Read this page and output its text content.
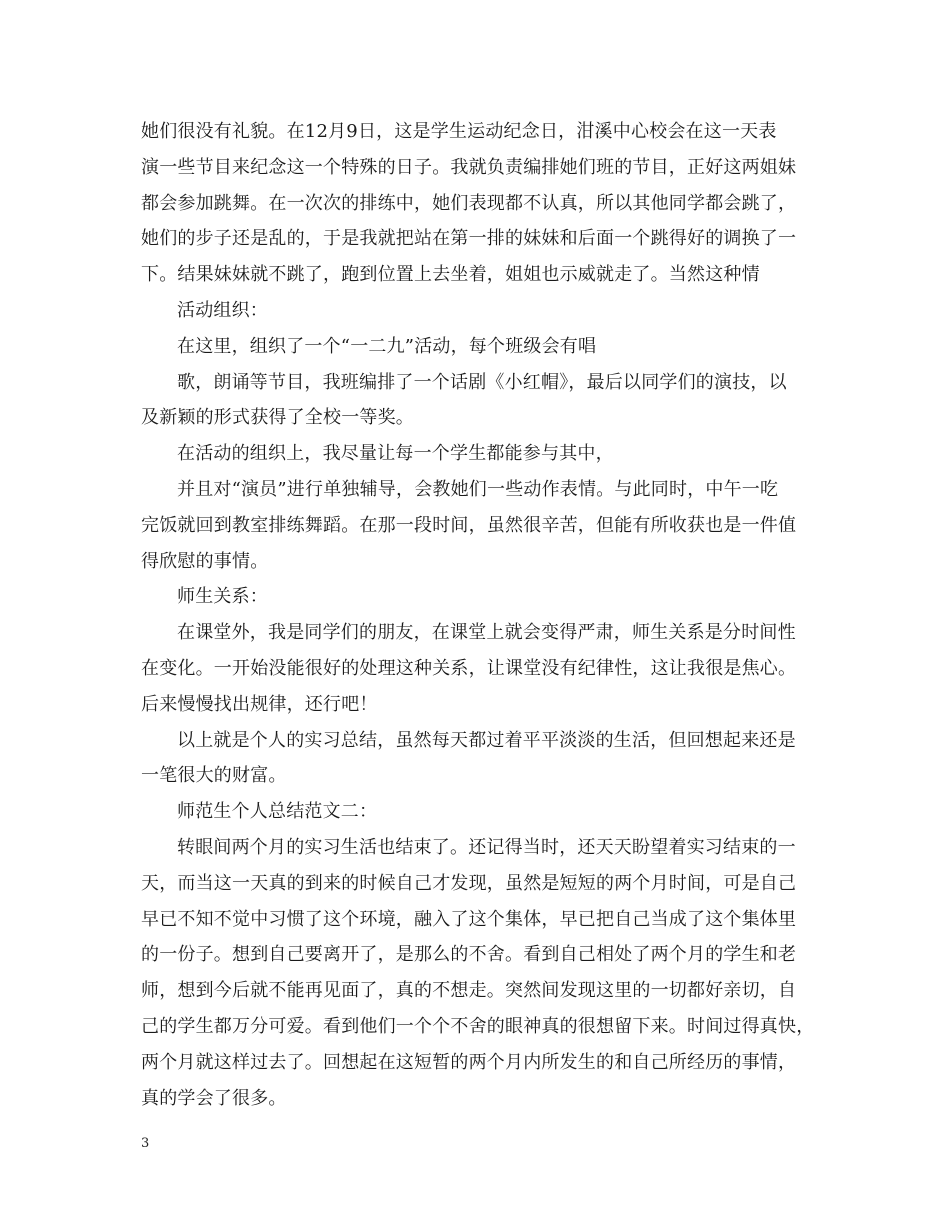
她们很没有礼貌。在12月9日，这是学生运动纪念日，泔溪中心校会在这一天表
演一些节目来纪念这一个特殊的日子。我就负责编排她们班的节目，正好这两姐妹
都会参加跳舞。在一次次的排练中，她们表现都不认真，所以其他同学都会跳了，
她们的步子还是乱的，于是我就把站在第一排的妹妹和后面一个跳得好的调换了一
下。结果妹妹就不跳了，跑到位置上去坐着，姐姐也示威就走了。当然这种情
活动组织：
在这里，组织了一个“一二九”活动，每个班级会有唱
歌，朗诵等节目，我班编排了一个话剧《小红帽》，最后以同学们的演技，以
及新颖的形式获得了全校一等奖。
在活动的组织上，我尽量让每一个学生都能参与其中，
并且对“演员”进行单独辅导，会教她们一些动作表情。与此同时，中午一吃
完饭就回到教室排练舞蹈。在那一段时间，虽然很辛苦，但能有所收获也是一件值
得欣慰的事情。
师生关系：
在课堂外，我是同学们的朋友，在课堂上就会变得严肃，师生关系是分时间性
在变化。一开始没能很好的处理这种关系，让课堂没有纪律性，这让我很是焦心。
后来慢慢找出规律，还行吧！
以上就是个人的实习总结，虽然每天都过着平平淡淡的生活，但回想起来还是
一笔很大的财富。
师范生个人总结范文二：
转眼间两个月的实习生活也结束了。还记得当时，还天天盼望着实习结束的一
天，而当这一天真的到来的时候自己才发现，虽然是短短的两个月时间，可是自己
早已不知不觉中习惯了这个环境，融入了这个集体，早已把自己当成了这个集体里
的一份子。想到自己要离开了，是那么的不舍。看到自己相处了两个月的学生和老
师，想到今后就不能再见面了，真的不想走。突然间发现这里的一切都好亲切，自
己的学生都万分可爱。看到他们一个个不舍的眼神真的很想留下来。时间过得真快，
两个月就这样过去了。回想起在这短暂的两个月内所发生的和自己所经历的事情，
真的学会了很多。
3
